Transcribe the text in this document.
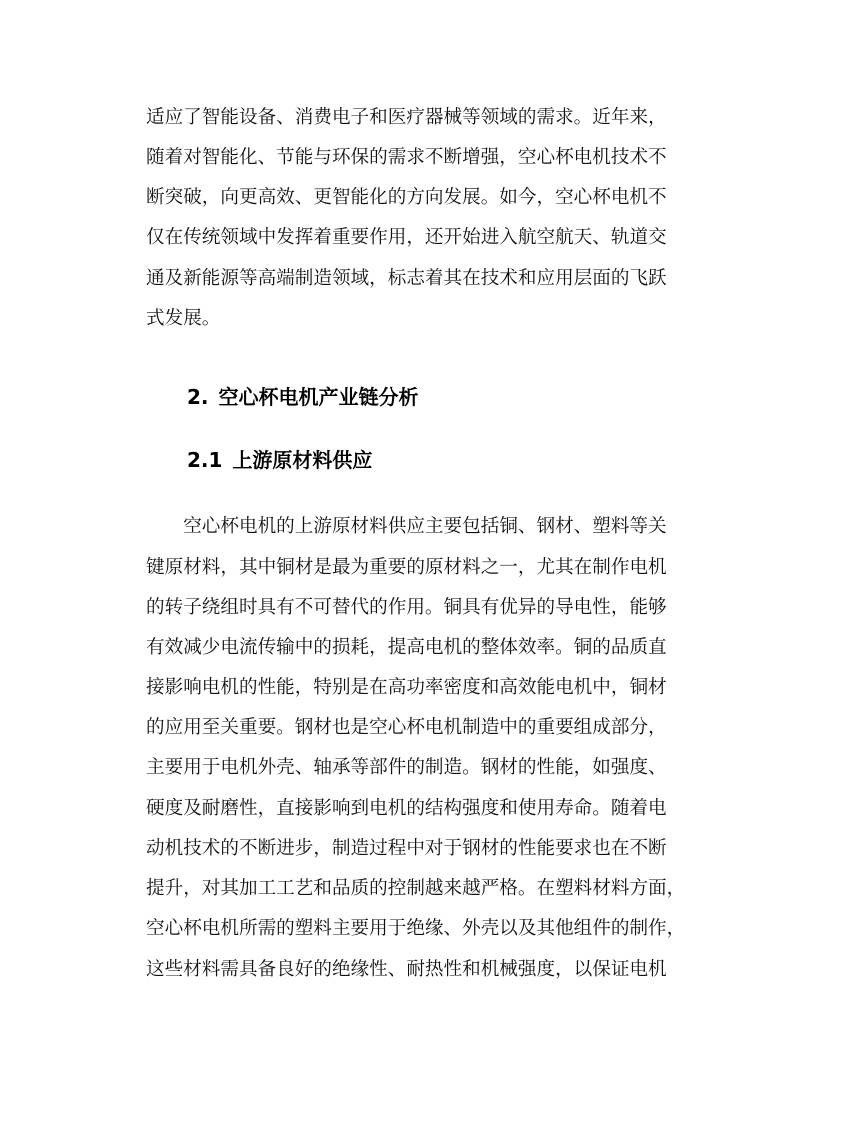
适应了智能设备、消费电子和医疗器械等领域的需求。近年来，
随着对智能化、节能与环保的需求不断增强，空心杯电机技术不
断突破，向更高效、更智能化的方向发展。如今，空心杯电机不
仅在传统领域中发挥着重要作用，还开始进入航空航天、轨道交
通及新能源等高端制造领域，标志着其在技术和应用层面的飞跃
式发展。
2. 空心杯电机产业链分析
2.1 上游原材料供应
　　空心杯电机的上游原材料供应主要包括铜、钢材、塑料等关
键原材料，其中铜材是最为重要的原材料之一，尤其在制作电机
的转子绕组时具有不可替代的作用。铜具有优异的导电性，能够
有效减少电流传输中的损耗，提高电机的整体效率。铜的品质直
接影响电机的性能，特别是在高功率密度和高效能电机中，铜材
的应用至关重要。钢材也是空心杯电机制造中的重要组成部分，
主要用于电机外壳、轴承等部件的制造。钢材的性能，如强度、
硬度及耐磨性，直接影响到电机的结构强度和使用寿命。随着电
动机技术的不断进步，制造过程中对于钢材的性能要求也在不断
提升，对其加工工艺和品质的控制越来越严格。在塑料材料方面，
空心杯电机所需的塑料主要用于绝缘、外壳以及其他组件的制作，
这些材料需具备良好的绝缘性、耐热性和机械强度，以保证电机
